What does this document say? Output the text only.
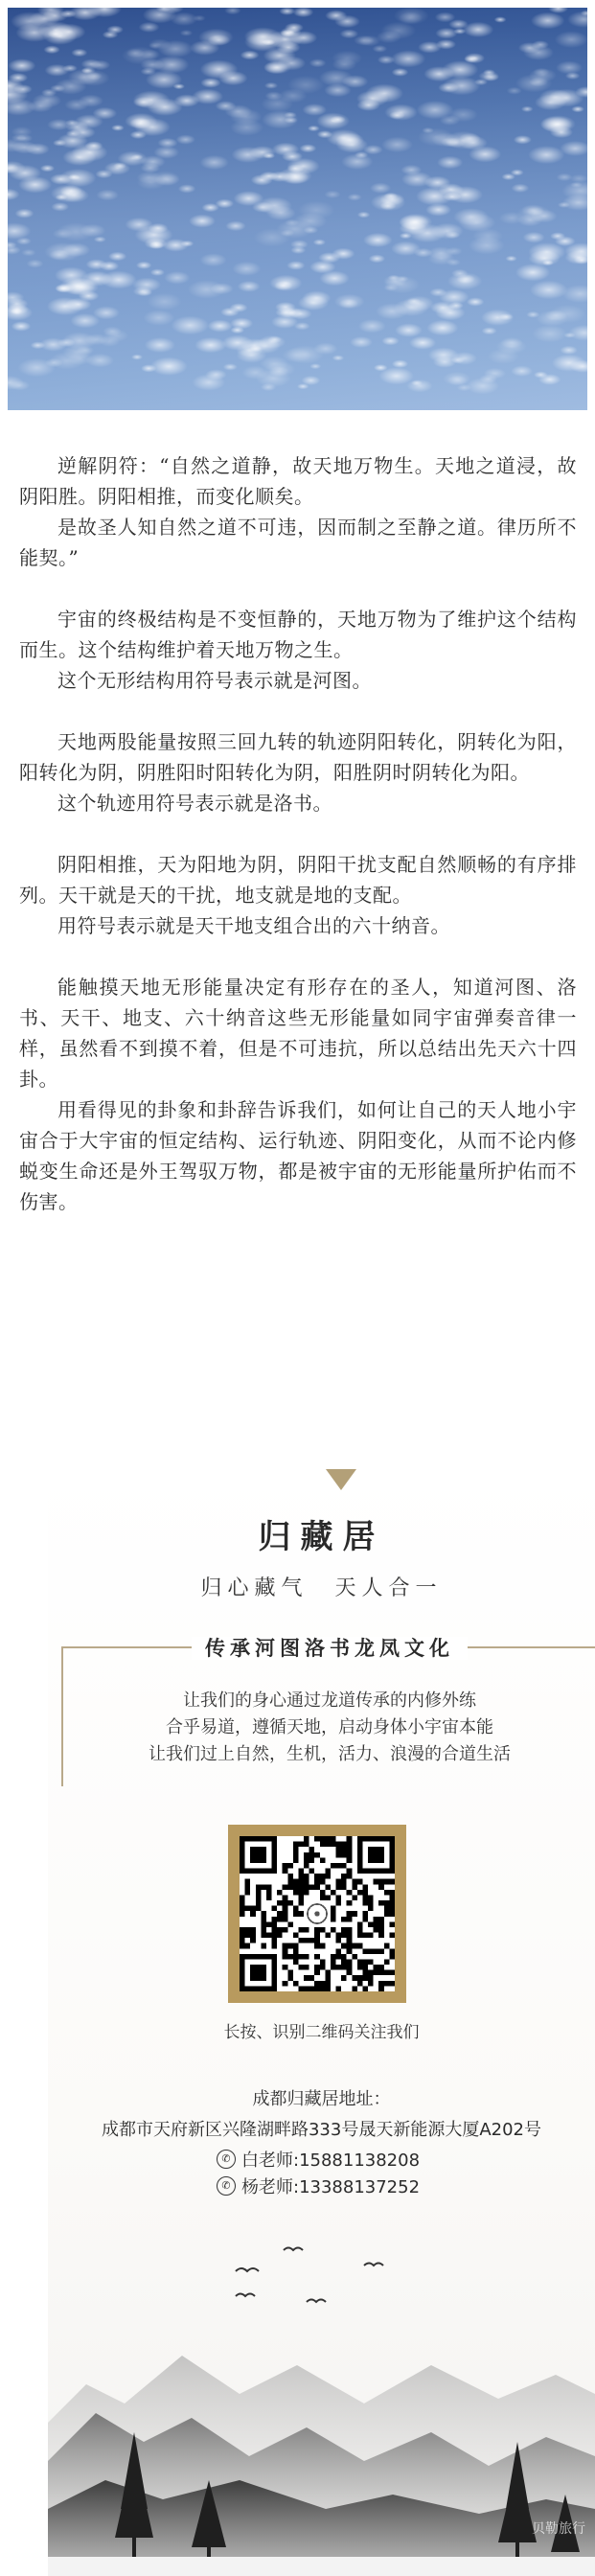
逆解阴符：“自然之道静，故天地万物生。天地之道浸，故阴阳胜。阴阳相推，而变化顺矣。

是故圣人知自然之道不可违，因而制之至静之道。律历所不能契。”

宇宙的终极结构是不变恒静的，天地万物为了维护这个结构而生。这个结构维护着天地万物之生。

这个无形结构用符号表示就是河图。

天地两股能量按照三回九转的轨迹阴阳转化，阴转化为阳，阳转化为阴，阴胜阳时阳转化为阴，阳胜阴时阴转化为阳。

这个轨迹用符号表示就是洛书。

阴阳相推，天为阳地为阴，阴阳干扰支配自然顺畅的有序排列。天干就是天的干扰，地支就是地的支配。

用符号表示就是天干地支组合出的六十纳音。

能触摸天地无形能量决定有形存在的圣人，知道河图、洛书、天干、地支、六十纳音这些无形能量如同宇宙弹奏音律一样，虽然看不到摸不着，但是不可违抗，所以总结出先天六十四卦。

用看得见的卦象和卦辞告诉我们，如何让自己的天人地小宇宙合于大宇宙的恒定结构、运行轨迹、阴阳变化，从而不论内修蜕变生命还是外王驾驭万物，都是被宇宙的无形能量所护佑而不伤害。

归藏居
归心藏气　天人合一
传承河图洛书龙凤文化
让我们的身心通过龙道传承的内修外练
合乎易道，遵循天地，启动身体小宇宙本能
让我们过上自然，生机，活力、浪漫的合道生活
长按、识别二维码关注我们
成都归藏居地址：
成都市天府新区兴隆湖畔路333号晟天新能源大厦A202号
✆ 白老师:15881138208
✆ 杨老师:13388137252
贝勒旅行
